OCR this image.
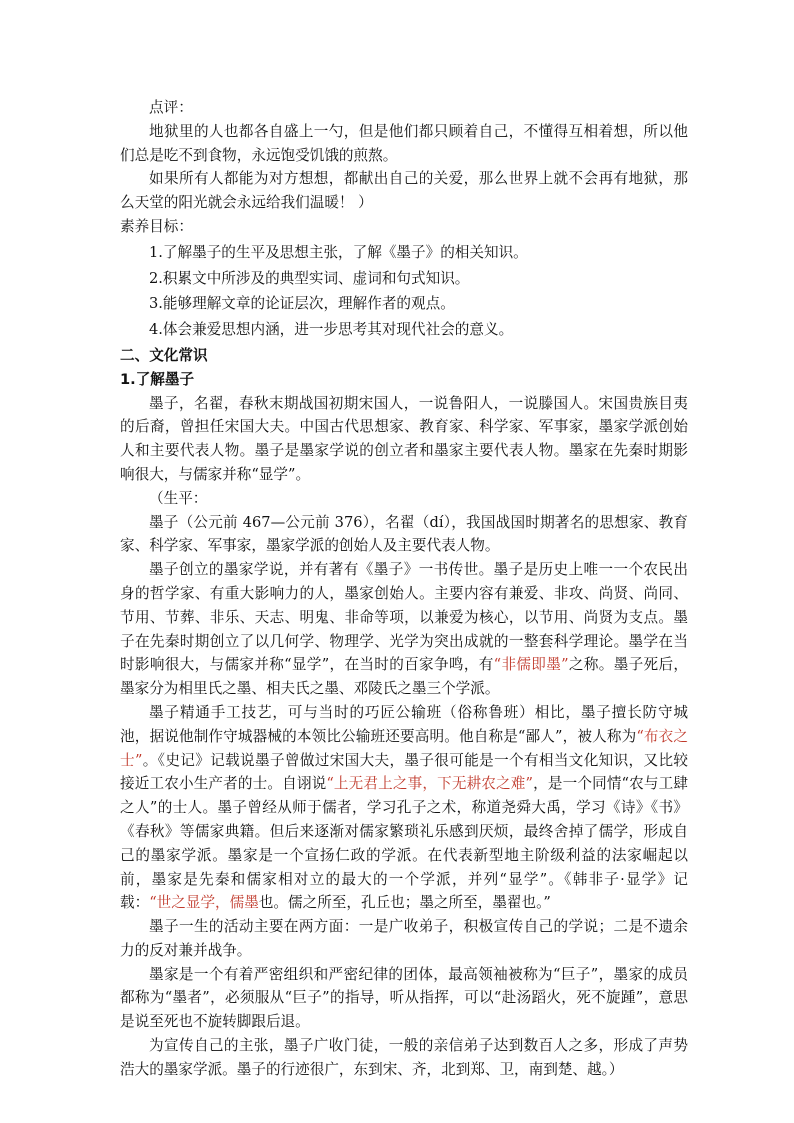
点评：

地狱里的人也都各自盛上一勺，但是他们都只顾着自己，不懂得互相着想，所以他们总是吃不到食物，永远饱受饥饿的煎熬。

如果所有人都能为对方想想，都献出自己的关爱，那么世界上就不会再有地狱，那么天堂的阳光就会永远给我们温暖！ ）

素养目标：

1.了解墨子的生平及思想主张，了解《墨子》的相关知识。

2.积累文中所涉及的典型实词、虚词和句式知识。

3.能够理解文章的论证层次，理解作者的观点。

4.体会兼爱思想内涵，进一步思考其对现代社会的意义。

二、文化常识

1.了解墨子

墨子，名翟，春秋末期战国初期宋国人，一说鲁阳人，一说滕国人。宋国贵族目夷的后裔，曾担任宋国大夫。中国古代思想家、教育家、科学家、军事家，墨家学派创始人和主要代表人物。墨子是墨家学说的创立者和墨家主要代表人物。墨家在先秦时期影响很大，与儒家并称“显学”。

（生平：

墨子（公元前 467—公元前 376），名翟（dí），我国战国时期著名的思想家、教育家、科学家、军事家，墨家学派的创始人及主要代表人物。

墨子创立的墨家学说，并有著有《墨子》一书传世。墨子是历史上唯一一个农民出身的哲学家、有重大影响力的人，墨家创始人。主要内容有兼爱、非攻、尚贤、尚同、节用、节葬、非乐、天志、明鬼、非命等项，以兼爱为核心，以节用、尚贤为支点。墨子在先秦时期创立了以几何学、物理学、光学为突出成就的一整套科学理论。墨学在当时影响很大，与儒家并称“显学”，在当时的百家争鸣，有“非儒即墨”之称。墨子死后，墨家分为相里氏之墨、相夫氏之墨、邓陵氏之墨三个学派。

墨子精通手工技艺，可与当时的巧匠公输班（俗称鲁班）相比，墨子擅长防守城池，据说他制作守城器械的本领比公输班还要高明。他自称是“鄙人”，被人称为“布衣之士”。《史记》记载说墨子曾做过宋国大夫，墨子很可能是一个有相当文化知识，又比较接近工农小生产者的士。自诩说“上无君上之事，下无耕农之难”，是一个同情“农与工肆之人”的士人。墨子曾经从师于儒者，学习孔子之术，称道尧舜大禹，学习《诗》《书》《春秋》等儒家典籍。但后来逐渐对儒家繁琐礼乐感到厌烦，最终舍掉了儒学，形成自己的墨家学派。墨家是一个宣扬仁政的学派。在代表新型地主阶级利益的法家崛起以前，墨家是先秦和儒家相对立的最大的一个学派，并列“显学”。《韩非子·显学》记载：“世之显学，儒墨也。儒之所至，孔丘也；墨之所至，墨翟也。”

墨子一生的活动主要在两方面：一是广收弟子，积极宣传自己的学说；二是不遗余力的反对兼并战争。

墨家是一个有着严密组织和严密纪律的团体，最高领袖被称为“巨子”，墨家的成员都称为“墨者”，必须服从“巨子”的指导，听从指挥，可以“赴汤蹈火，死不旋踵”，意思是说至死也不旋转脚跟后退。

为宣传自己的主张，墨子广收门徒，一般的亲信弟子达到数百人之多，形成了声势浩大的墨家学派。墨子的行迹很广，东到宋、齐，北到郑、卫，南到楚、越。）
